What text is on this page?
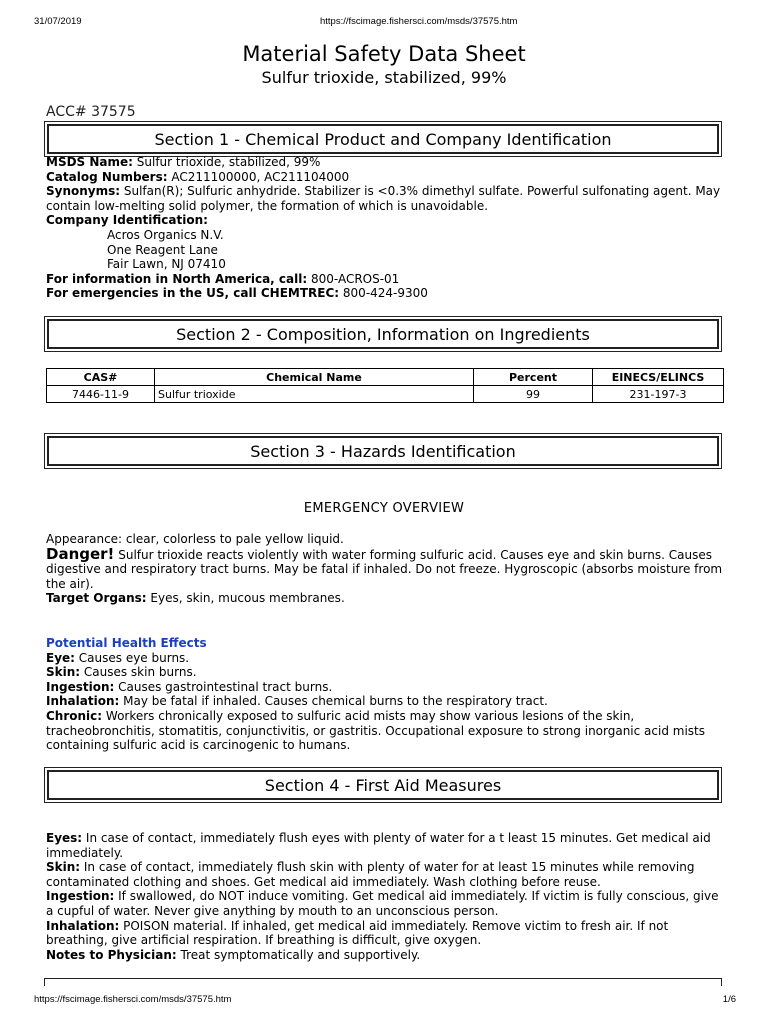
31/07/2019	https://fscimage.fishersci.com/msds/37575.htm
https://fscimage.fishersci.com/msds/37575.htm	1/6
Material Safety Data Sheet
Sulfur trioxide, stabilized, 99%
ACC# 37575
Section 1 - Chemical Product and Company Identification

MSDS Name: Sulfur trioxide, stabilized, 99%

Catalog Numbers: AC211100000, AC211104000

Synonyms: Sulfan(R); Sulfuric anhydride. Stabilizer is <0.3% dimethyl sulfate. Powerful sulfonating agent. May contain low-melting solid polymer, the formation of which is unavoidable.

Company Identification:

Acros Organics N.V.

One Reagent Lane

Fair Lawn, NJ 07410

For information in North America, call: 800-ACROS-01

For emergencies in the US, call CHEMTREC: 800-424-9300

Section 2 - Composition, Information on Ingredients
CAS#	Chemical Name	Percent	EINECS/ELINCS
7446-11-9	Sulfur trioxide	99	231-197-3
Section 3 - Hazards Identification
EMERGENCY OVERVIEW

Appearance: clear, colorless to pale yellow liquid.

Danger! Sulfur trioxide reacts violently with water forming sulfuric acid. Causes eye and skin burns. Causes digestive and respiratory tract burns. May be fatal if inhaled. Do not freeze. Hygroscopic (absorbs moisture from the air).

Target Organs: Eyes, skin, mucous membranes.

Potential Health Effects

Eye: Causes eye burns.

Skin: Causes skin burns.

Ingestion: Causes gastrointestinal tract burns.

Inhalation: May be fatal if inhaled. Causes chemical burns to the respiratory tract.

Chronic: Workers chronically exposed to sulfuric acid mists may show various lesions of the skin, tracheobronchitis, stomatitis, conjunctivitis, or gastritis. Occupational exposure to strong inorganic acid mists containing sulfuric acid is carcinogenic to humans.

Section 4 - First Aid Measures

Eyes: In case of contact, immediately flush eyes with plenty of water for a t least 15 minutes. Get medical aid immediately.

Skin: In case of contact, immediately flush skin with plenty of water for at least 15 minutes while removing contaminated clothing and shoes. Get medical aid immediately. Wash clothing before reuse.

Ingestion: If swallowed, do NOT induce vomiting. Get medical aid immediately. If victim is fully conscious, give a cupful of water. Never give anything by mouth to an unconscious person.

Inhalation: POISON material. If inhaled, get medical aid immediately. Remove victim to fresh air. If not breathing, give artificial respiration. If breathing is difficult, give oxygen.

Notes to Physician: Treat symptomatically and supportively.
